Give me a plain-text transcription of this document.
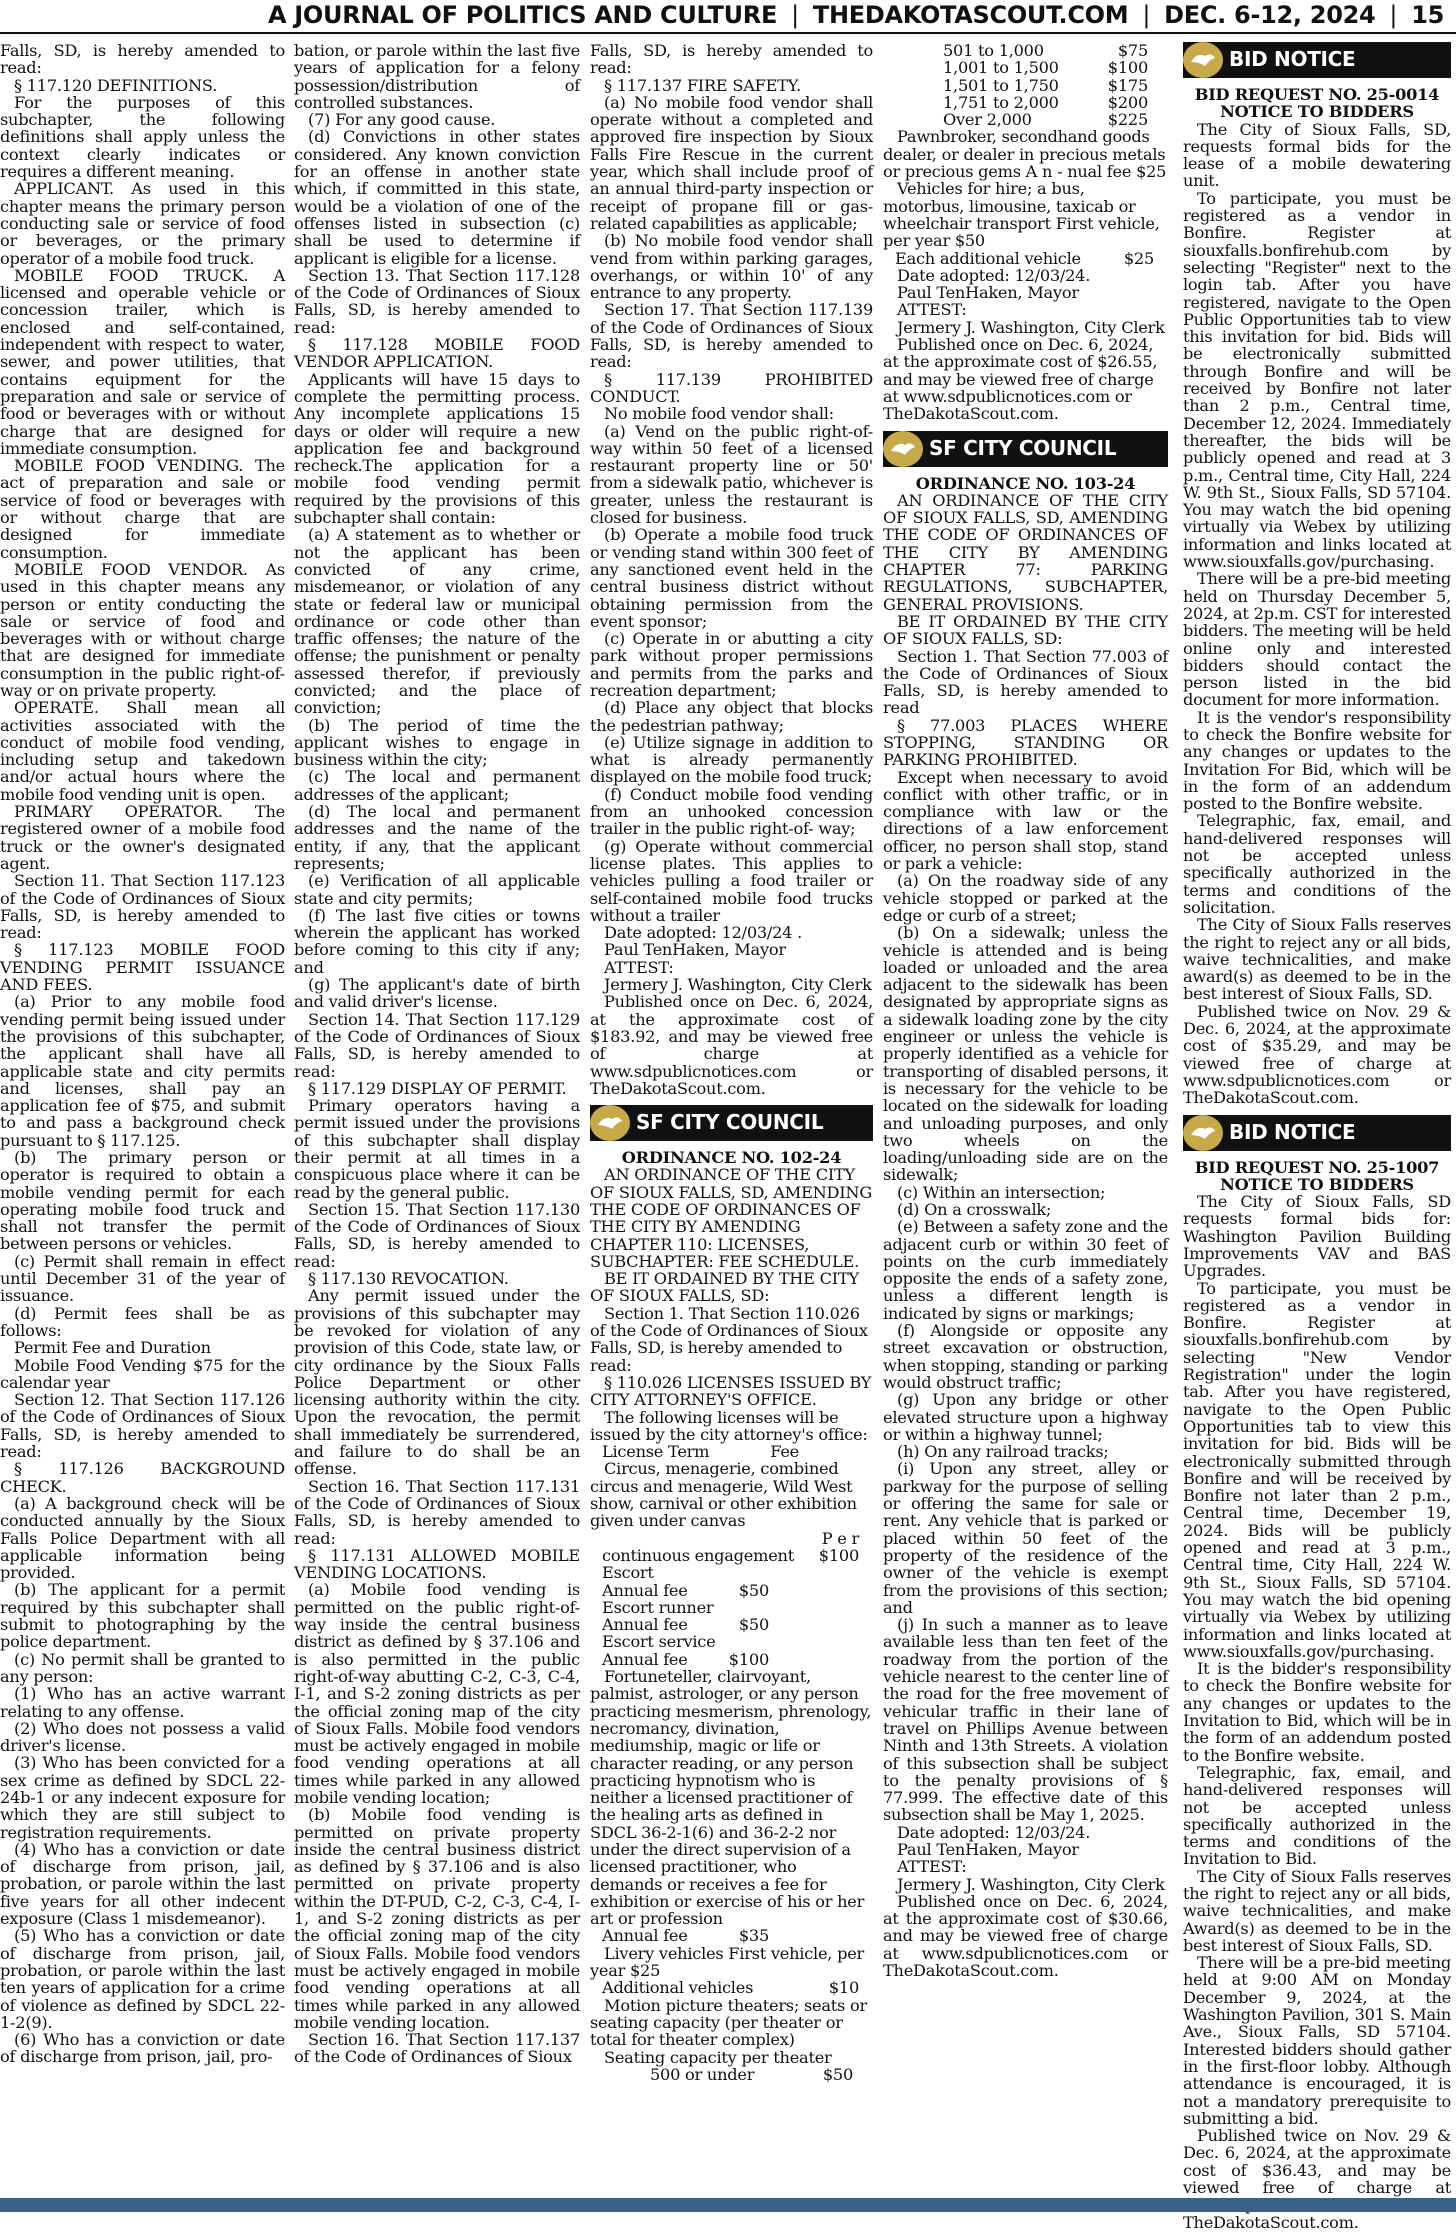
A JOURNAL OF POLITICS AND CULTURE | THEDAKOTASCOUT.COM | DEC. 6-12, 2024 | 15

Falls, SD, is hereby amended to read:

§ 117.120 DEFINITIONS.

For the purposes of this subchapter, the following definitions shall apply unless the context clearly indicates or requires a different meaning.

APPLICANT. As used in this chapter means the primary person conducting sale or service of food or beverages, or the primary operator of a mobile food truck.

MOBILE FOOD TRUCK. A licensed and operable vehicle or concession trailer, which is enclosed and self-contained, independent with respect to water, sewer, and power utilities, that contains equipment for the preparation and sale or service of food or beverages with or without charge that are designed for immediate consumption.

MOBILE FOOD VENDING. The act of preparation and sale or service of food or beverages with or without charge that are designed for immediate consumption.

MOBILE FOOD VENDOR. As used in this chapter means any person or entity conducting the sale or service of food and beverages with or without charge that are designed for immediate consumption in the public right-of-way or on private property.

OPERATE. Shall mean all activities associated with the conduct of mobile food vending, including setup and takedown and/or actual hours where the mobile food vending unit is open.

PRIMARY OPERATOR. The registered owner of a mobile food truck or the owner's designated agent.

Section 11. That Section 117.123 of the Code of Ordinances of Sioux Falls, SD, is hereby amended to read:

§ 117.123 MOBILE FOOD VENDING PERMIT ISSUANCE AND FEES.

(a) Prior to any mobile food vending permit being issued under the provisions of this subchapter, the applicant shall have all applicable state and city permits and licenses, shall pay an application fee of $75, and submit to and pass a background check pursuant to § 117.125.

(b) The primary person or operator is required to obtain a mobile vending permit for each operating mobile food truck and shall not transfer the permit between persons or vehicles.

(c) Permit shall remain in effect until December 31 of the year of issuance.

(d) Permit fees shall be as follows:

Permit Fee and Duration

Mobile Food Vending $75 for the calendar year

Section 12. That Section 117.126 of the Code of Ordinances of Sioux Falls, SD, is hereby amended to read:

§ 117.126 BACKGROUND CHECK.

(a) A background check will be conducted annually by the Sioux Falls Police Department with all applicable information being provided.

(b) The applicant for a permit required by this subchapter shall submit to photographing by the police department.

(c) No permit shall be granted to any person:

(1) Who has an active warrant relating to any offense.

(2) Who does not possess a valid driver's license.

(3) Who has been convicted for a sex crime as defined by SDCL 22-24b-1 or any indecent exposure for which they are still subject to registration requirements.

(4) Who has a conviction or date of discharge from prison, jail, probation, or parole within the last five years for all other indecent exposure (Class 1 misdemeanor).

(5) Who has a conviction or date of discharge from prison, jail, probation, or parole within the last ten years of application for a crime of violence as defined by SDCL 22-1-2(9).

(6) Who has a conviction or date of discharge from prison, jail, pro-

bation, or parole within the last five years of application for a felony possession/distribution of controlled substances.

(7) For any good cause.

(d) Convictions in other states considered. Any known conviction for an offense in another state which, if committed in this state, would be a violation of one of the offenses listed in subsection (c) shall be used to determine if applicant is eligible for a license.

Section 13. That Section 117.128 of the Code of Ordinances of Sioux Falls, SD, is hereby amended to read:

§ 117.128 MOBILE FOOD VENDOR APPLICATION.

Applicants will have 15 days to complete the permitting process. Any incomplete applications 15 days or older will require a new application fee and background recheck.The application for a mobile food vending permit required by the provisions of this subchapter shall contain:

(a) A statement as to whether or not the applicant has been convicted of any crime, misdemeanor, or violation of any state or federal law or municipal ordinance or code other than traffic offenses; the nature of the offense; the punishment or penalty assessed therefor, if previously convicted; and the place of conviction;

(b) The period of time the applicant wishes to engage in business within the city;

(c) The local and permanent addresses of the applicant;

(d) The local and permanent addresses and the name of the entity, if any, that the applicant represents;

(e) Verification of all applicable state and city permits;

(f) The last five cities or towns wherein the applicant has worked before coming to this city if any; and

(g) The applicant's date of birth and valid driver's license.

Section 14. That Section 117.129 of the Code of Ordinances of Sioux Falls, SD, is hereby amended to read:

§ 117.129 DISPLAY OF PERMIT.

Primary operators having a permit issued under the provisions of this subchapter shall display their permit at all times in a conspicuous place where it can be read by the general public.

Section 15. That Section 117.130 of the Code of Ordinances of Sioux Falls, SD, is hereby amended to read:

§ 117.130 REVOCATION.

Any permit issued under the provisions of this subchapter may be revoked for violation of any provision of this Code, state law, or city ordinance by the Sioux Falls Police Department or other licensing authority within the city. Upon the revocation, the permit shall immediately be surrendered, and failure to do shall be an offense.

Section 16. That Section 117.131 of the Code of Ordinances of Sioux Falls, SD, is hereby amended to read:

§ 117.131 ALLOWED MOBILE VENDING LOCATIONS.

(a) Mobile food vending is permitted on the public right-of-way inside the central business district as defined by § 37.106 and is also permitted in the public right-of-way abutting C-2, C-3, C-4, I-1, and S-2 zoning districts as per the official zoning map of the city of Sioux Falls. Mobile food vendors must be actively engaged in mobile food vending operations at all times while parked in any allowed mobile vending location;

(b) Mobile food vending is permitted on private property inside the central business district as defined by § 37.106 and is also permitted on private property within the DT-PUD, C-2, C-3, C-4, I-1, and S-2 zoning districts as per the official zoning map of the city of Sioux Falls. Mobile food vendors must be actively engaged in mobile food vending operations at all times while parked in any allowed mobile vending location.

Section 16. That Section 117.137 of the Code of Ordinances of Sioux

Falls, SD, is hereby amended to read:

§ 117.137 FIRE SAFETY.

(a) No mobile food vendor shall operate without a completed and approved fire inspection by Sioux Falls Fire Rescue in the current year, which shall include proof of an annual third-party inspection or receipt of propane fill or gas-related capabilities as applicable;

(b) No mobile food vendor shall vend from within parking garages, overhangs, or within 10' of any entrance to any property.

Section 17. That Section 117.139 of the Code of Ordinances of Sioux Falls, SD, is hereby amended to read:

§ 117.139 PROHIBITED CONDUCT.

No mobile food vendor shall:

(a) Vend on the public right-of-way within 50 feet of a licensed restaurant property line or 50' from a sidewalk patio, whichever is greater, unless the restaurant is closed for business.

(b) Operate a mobile food truck or vending stand within 300 feet of any sanctioned event held in the central business district without obtaining permission from the event sponsor;

(c) Operate in or abutting a city park without proper permissions and permits from the parks and recreation department;

(d) Place any object that blocks the pedestrian pathway;

(e) Utilize signage in addition to what is already permanently displayed on the mobile food truck;

(f) Conduct mobile food vending from an unhooked concession trailer in the public right-of- way;

(g) Operate without commercial license plates. This applies to vehicles pulling a food trailer or self-contained mobile food trucks without a trailer

Date adopted: 12/03/24 .

Paul TenHaken, Mayor

ATTEST:

Jermery J. Washington, City Clerk

Published once on Dec. 6, 2024, at the approximate cost of $183.92, and may be viewed free of charge at www.sdpublicnotices.com or TheDakotaScout.com.

SF CITY COUNCIL

ORDINANCE NO. 102-24

AN ORDINANCE OF THE CITY OF SIOUX FALLS, SD, AMENDING THE CODE OF ORDINANCES OF THE CITY BY AMENDING CHAPTER 110: LICENSES, SUBCHAPTER: FEE SCHEDULE.

BE IT ORDAINED BY THE CITY OF SIOUX FALLS, SD:

Section 1. That Section 110.026 of the Code of Ordinances of Sioux Falls, SD, is hereby amended to read:

§ 110.026 LICENSES ISSUED BY CITY ATTORNEY'S OFFICE.

The following licenses will be issued by the city attorney's office:

License Term	Fee

Circus, menagerie, combined circus and menagerie, Wild West show, carnival or other exhibition given under canvas

P e r
continuous engagement $100
Escort
Annual fee	$50
Escort runner
Annual fee	$50
Escort service
Annual fee	$100

Fortuneteller, clairvoyant, palmist, astrologer, or any person practicing mesmerism, phrenology, necromancy, divination, mediumship, magic or life or character reading, or any person practicing hypnotism who is neither a licensed practitioner of the healing arts as defined in SDCL 36-2-1(6) and 36-2-2 nor under the direct supervision of a licensed practitioner, who demands or receives a fee for exhibition or exercise of his or her art or profession

Annual fee	$35

Livery vehicles First vehicle, per year $25

Additional vehicles	$10

Motion picture theaters; seats or seating capacity (per theater or total for theater complex)

Seating capacity per theater

500 or under	$50
501 to 1,000	$75
1,001 to 1,500	$100
1,501 to 1,750	$175
1,751 to 2,000	$200
Over 2,000	$225

Pawnbroker, secondhand goods dealer, or dealer in precious metals or precious gems A n - nual fee $25

Vehicles for hire; a bus, motorbus, limousine, taxicab or wheelchair transport First vehicle, per year $50

Each additional vehicle	$25

Date adopted: 12/03/24.

Paul TenHaken, Mayor

ATTEST:

Jermery J. Washington, City Clerk

Published once on Dec. 6, 2024, at the approximate cost of $26.55, and may be viewed free of charge at www.sdpublicnotices.com or TheDakotaScout.com.

SF CITY COUNCIL

ORDINANCE NO. 103-24

AN ORDINANCE OF THE CITY OF SIOUX FALLS, SD, AMENDING THE CODE OF ORDINANCES OF THE CITY BY AMENDING CHAPTER 77: PARKING REGULATIONS, SUBCHAPTER, GENERAL PROVISIONS.

BE IT ORDAINED BY THE CITY OF SIOUX FALLS, SD:

Section 1. That Section 77.003 of the Code of Ordinances of Sioux Falls, SD, is hereby amended to read

§ 77.003 PLACES WHERE STOPPING, STANDING OR PARKING PROHIBITED.

Except when necessary to avoid conflict with other traffic, or in compliance with law or the directions of a law enforcement officer, no person shall stop, stand or park a vehicle:

(a) On the roadway side of any vehicle stopped or parked at the edge or curb of a street;

(b) On a sidewalk; unless the vehicle is attended and is being loaded or unloaded and the area adjacent to the sidewalk has been designated by appropriate signs as a sidewalk loading zone by the city engineer or unless the vehicle is properly identified as a vehicle for transporting of disabled persons, it is necessary for the vehicle to be located on the sidewalk for loading and unloading purposes, and only two wheels on the loading/unloading side are on the sidewalk;

(c) Within an intersection;

(d) On a crosswalk;

(e) Between a safety zone and the adjacent curb or within 30 feet of points on the curb immediately opposite the ends of a safety zone, unless a different length is indicated by signs or markings;

(f) Alongside or opposite any street excavation or obstruction, when stopping, standing or parking would obstruct traffic;

(g) Upon any bridge or other elevated structure upon a highway or within a highway tunnel;

(h) On any railroad tracks;

(i) Upon any street, alley or parkway for the purpose of selling or offering the same for sale or rent. Any vehicle that is parked or placed within 50 feet of the property of the residence of the owner of the vehicle is exempt from the provisions of this section; and

(j) In such a manner as to leave available less than ten feet of the roadway from the portion of the vehicle nearest to the center line of the road for the free movement of vehicular traffic in their lane of travel on Phillips Avenue between Ninth and 13th Streets. A violation of this subsection shall be subject to the penalty provisions of § 77.999. The effective date of this subsection shall be May 1, 2025.

Date adopted: 12/03/24.

Paul TenHaken, Mayor

ATTEST:

Jermery J. Washington, City Clerk

Published once on Dec. 6, 2024, at the approximate cost of $30.66, and may be viewed free of charge at www.sdpublicnotices.com or TheDakotaScout.com.

BID NOTICE

BID REQUEST NO. 25-0014

NOTICE TO BIDDERS

The City of Sioux Falls, SD, requests formal bids for the lease of a mobile dewatering unit.

To participate, you must be registered as a vendor in Bonfire. Register at siouxfalls.bonfirehub.com by selecting "Register" next to the login tab. After you have registered, navigate to the Open Public Opportunities tab to view this invitation for bid. Bids will be electronically submitted through Bonfire and will be received by Bonfire not later than 2 p.m., Central time, December 12, 2024. Immediately thereafter, the bids will be publicly opened and read at 3 p.m., Central time, City Hall, 224 W. 9th St., Sioux Falls, SD 57104. You may watch the bid opening virtually via Webex by utilizing information and links located at www.siouxfalls.gov/purchasing.

There will be a pre-bid meeting held on Thursday December 5, 2024, at 2p.m. CST for interested bidders. The meeting will be held online only and interested bidders should contact the person listed in the bid document for more information.

It is the vendor's responsibility to check the Bonfire website for any changes or updates to the Invitation For Bid, which will be in the form of an addendum posted to the Bonfire website.

Telegraphic, fax, email, and hand-delivered responses will not be accepted unless specifically authorized in the terms and conditions of the solicitation.

The City of Sioux Falls reserves the right to reject any or all bids, waive technicalities, and make award(s) as deemed to be in the best interest of Sioux Falls, SD.

Published twice on Nov. 29 & Dec. 6, 2024, at the approximate cost of $35.29, and may be viewed free of charge at www.sdpublicnotices.com or TheDakotaScout.com.

BID NOTICE

BID REQUEST NO. 25-1007

NOTICE TO BIDDERS

The City of Sioux Falls, SD requests formal bids for: Washington Pavilion Building Improvements VAV and BAS Upgrades.

To participate, you must be registered as a vendor in Bonfire. Register at siouxfalls.bonfirehub.com by selecting "New Vendor Registration" under the login tab. After you have registered, navigate to the Open Public Opportunities tab to view this invitation for bid. Bids will be electronically submitted through Bonfire and will be received by Bonfire not later than 2 p.m., Central time, December 19, 2024. Bids will be publicly opened and read at 3 p.m., Central time, City Hall, 224 W. 9th St., Sioux Falls, SD 57104. You may watch the bid opening virtually via Webex by utilizing information and links located at www.siouxfalls.gov/purchasing.

It is the bidder's responsibility to check the Bonfire website for any changes or updates to the Invitation to Bid, which will be in the form of an addendum posted to the Bonfire website.

Telegraphic, fax, email, and hand-delivered responses will not be accepted unless specifically authorized in the terms and conditions of the Invitation to Bid.

The City of Sioux Falls reserves the right to reject any or all bids, waive technicalities, and make Award(s) as deemed to be in the best interest of Sioux Falls, SD.

There will be a pre-bid meeting held at 9:00 AM on Monday December 9, 2024, at the Washington Pavilion, 301 S. Main Ave., Sioux Falls, SD 57104. Interested bidders should gather in the first-floor lobby. Although attendance is encouraged, it is not a mandatory prerequisite to submitting a bid.

Published twice on Nov. 29 & Dec. 6, 2024, at the approximate cost of $36.43, and may be viewed free of charge at TheDakotaScout.com.
